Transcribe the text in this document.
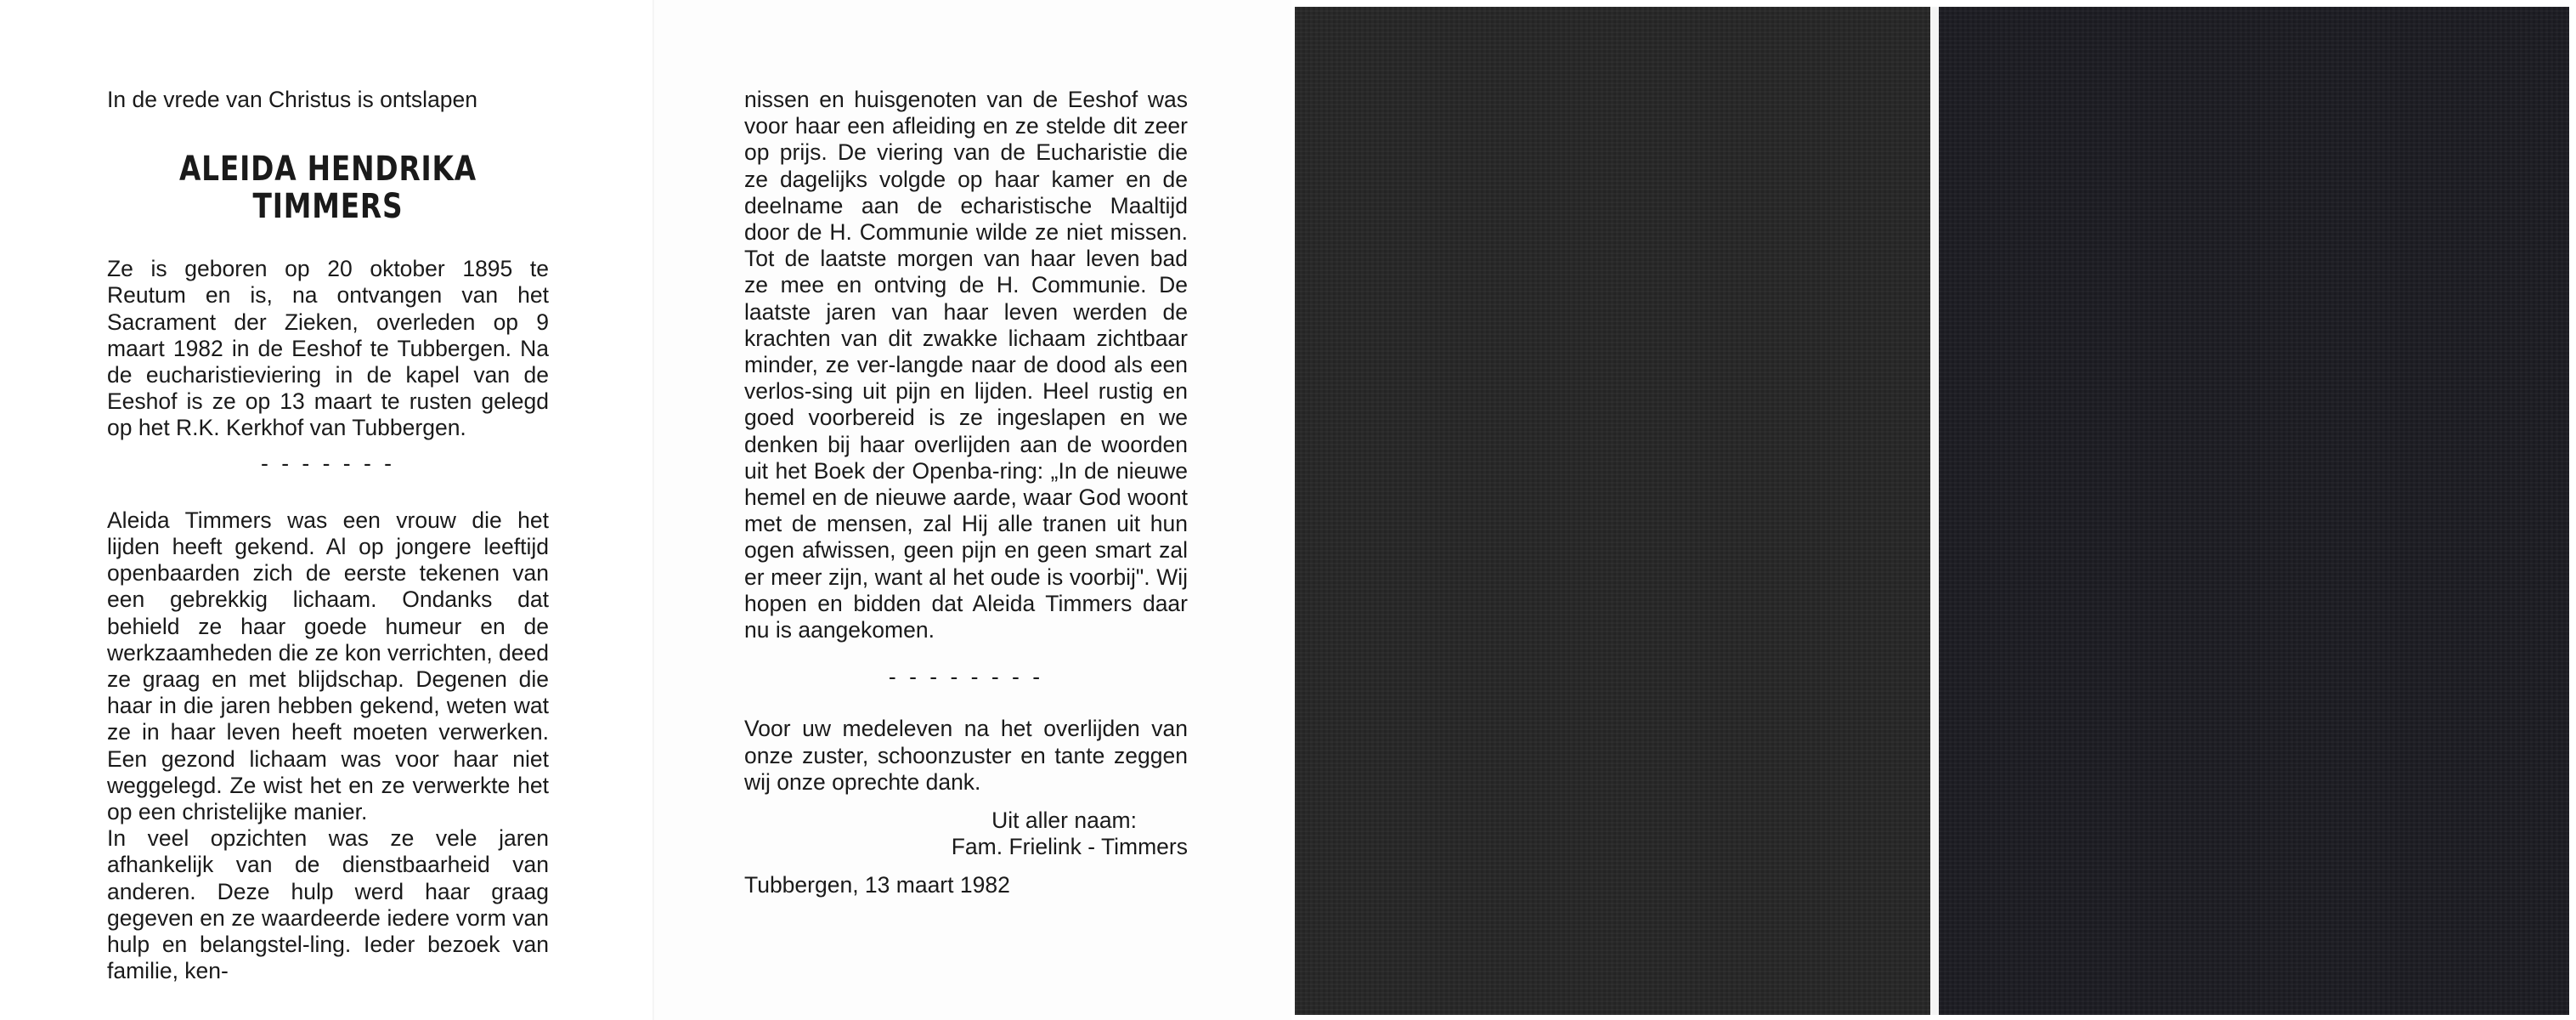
In de vrede van Christus is ontslapen

ALEIDA HENDRIKA

TIMMERS

Ze is geboren op 20 oktober 1895 te Reutum en is, na ontvangen van het Sacrament der Zieken, overleden op 9 maart 1982 in de Eeshof te Tubbergen. Na de eucharistieviering in de kapel van de Eeshof is ze op 13 maart te rusten gelegd op het R.K. Kerkhof van Tubbergen.

- - - - - - -

Aleida Timmers was een vrouw die het lijden heeft gekend. Al op jongere leeftijd openbaarden zich de eerste tekenen van een gebrekkig lichaam. Ondanks dat behield ze haar goede humeur en de werkzaamheden die ze kon verrichten, deed ze graag en met blijdschap. Degenen die haar in die jaren hebben gekend, weten wat ze in haar leven heeft moeten verwerken. Een gezond lichaam was voor haar niet weggelegd. Ze wist het en ze verwerkte het op een christelijke manier.

In veel opzichten was ze vele jaren afhankelijk van de dienstbaarheid van anderen. Deze hulp werd haar graag gegeven en ze waardeerde iedere vorm van hulp en belangstel-ling. Ieder bezoek van familie, ken-

nissen en huisgenoten van de Eeshof was voor haar een afleiding en ze stelde dit zeer op prijs. De viering van de Eucharistie die ze dagelijks volgde op haar kamer en de deelname aan de echaristische Maaltijd door de H. Communie wilde ze niet missen. Tot de laatste morgen van haar leven bad ze mee en ontving de H. Communie. De laatste jaren van haar leven werden de krachten van dit zwakke lichaam zichtbaar minder, ze ver-langde naar de dood als een verlos-sing uit pijn en lijden. Heel rustig en goed voorbereid is ze ingeslapen en we denken bij haar overlijden aan de woorden uit het Boek der Openba-ring: „In de nieuwe hemel en de nieuwe aarde, waar God woont met de mensen, zal Hij alle tranen uit hun ogen afwissen, geen pijn en geen smart zal er meer zijn, want al het oude is voorbij". Wij hopen en bidden dat Aleida Timmers daar nu is aangekomen.

- - - - - - - -

Voor uw medeleven na het overlijden van onze zuster, schoonzuster en tante zeggen wij onze oprechte dank.

Uit aller naam:

Fam. Frielink - Timmers

Tubbergen, 13 maart 1982
